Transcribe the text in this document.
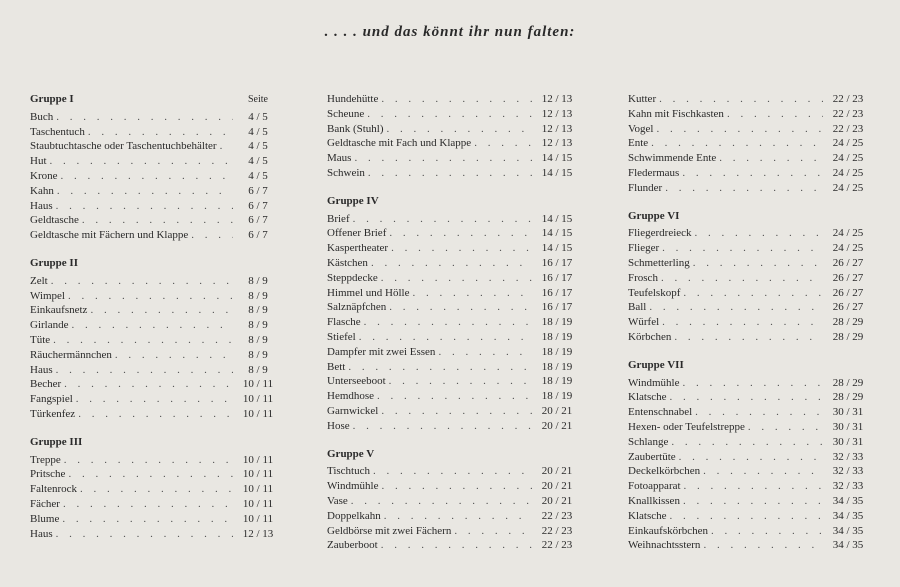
. . . . und das könnt ihr nun falten:
Gruppe I	Seite
Buch . . .	4 / 5
Taschentuch . . .	4 / 5
Staubtuchtasche oder Taschentuchbehälter . . .	4 / 5
Hut . . .	4 / 5
Krone . . .	4 / 5
Kahn . . .	6 / 7
Haus . . .	6 / 7
Geldtasche . . .	6 / 7
Geldtasche mit Fächern und Klappe . . .	6 / 7
Gruppe II
Zelt . . .	8 / 9
Wimpel . . .	8 / 9
Einkaufsnetz . . .	8 / 9
Girlande . . .	8 / 9
Tüte . . .	8 / 9
Räuchermännchen . . .	8 / 9
Haus . . .	8 / 9
Becher . . .	10 / 11
Fangspiel . . .	10 / 11
Türkenfez . . .	10 / 11
Gruppe III
Treppe . . .	10 / 11
Pritsche . . .	10 / 11
Faltenrock . . .	10 / 11
Fächer . . .	10 / 11
Blume . . .	10 / 11
Haus . . .	12 / 13
Hundehütte . . .	12 / 13
Scheune . . .	12 / 13
Bank (Stuhl) . . .	12 / 13
Geldtasche mit Fach und Klappe . . .	12 / 13
Maus . . .	14 / 15
Schwein . . .	14 / 15
Gruppe IV
Brief . . .	14 / 15
Offener Brief . . .	14 / 15
Kaspertheater . . .	14 / 15
Kästchen . . .	16 / 17
Steppdecke . . .	16 / 17
Himmel und Hölle . . .	16 / 17
Salznäpfchen . . .	16 / 17
Flasche . . .	18 / 19
Stiefel . . .	18 / 19
Dampfer mit zwei Essen . . .	18 / 19
Bett . . .	18 / 19
Unterseeboot . . .	18 / 19
Hemdhose . . .	18 / 19
Garnwickel . . .	20 / 21
Hose . . .	20 / 21
Gruppe V
Tischtuch . . .	20 / 21
Windmühle . . .	20 / 21
Vase . . .	20 / 21
Doppelkahn . . .	22 / 23
Geldbörse mit zwei Fächern . . .	22 / 23
Zauberboot . . .	22 / 23
Kutter . . .	22 / 23
Kahn mit Fischkasten . . .	22 / 23
Vogel . . .	22 / 23
Ente . . .	24 / 25
Schwimmende Ente . . .	24 / 25
Fledermaus . . .	24 / 25
Flunder . . .	24 / 25
Gruppe VI
Fliegerdreieck . . .	24 / 25
Flieger . . .	24 / 25
Schmetterling . . .	26 / 27
Frosch . . .	26 / 27
Teufelskopf . . .	26 / 27
Ball . . .	26 / 27
Würfel . . .	28 / 29
Körbchen . . .	28 / 29
Gruppe VII
Windmühle . . .	28 / 29
Klatsche . . .	28 / 29
Entenschnabel . . .	30 / 31
Hexen- oder Teufelstreppe . . .	30 / 31
Schlange . . .	30 / 31
Zaubertüte . . .	32 / 33
Deckelkörbchen . . .	32 / 33
Fotoapparat . . .	32 / 33
Knallkissen . . .	34 / 35
Klatsche . . .	34 / 35
Einkaufskörbchen . . .	34 / 35
Weihnachtsstern . . .	34 / 35
